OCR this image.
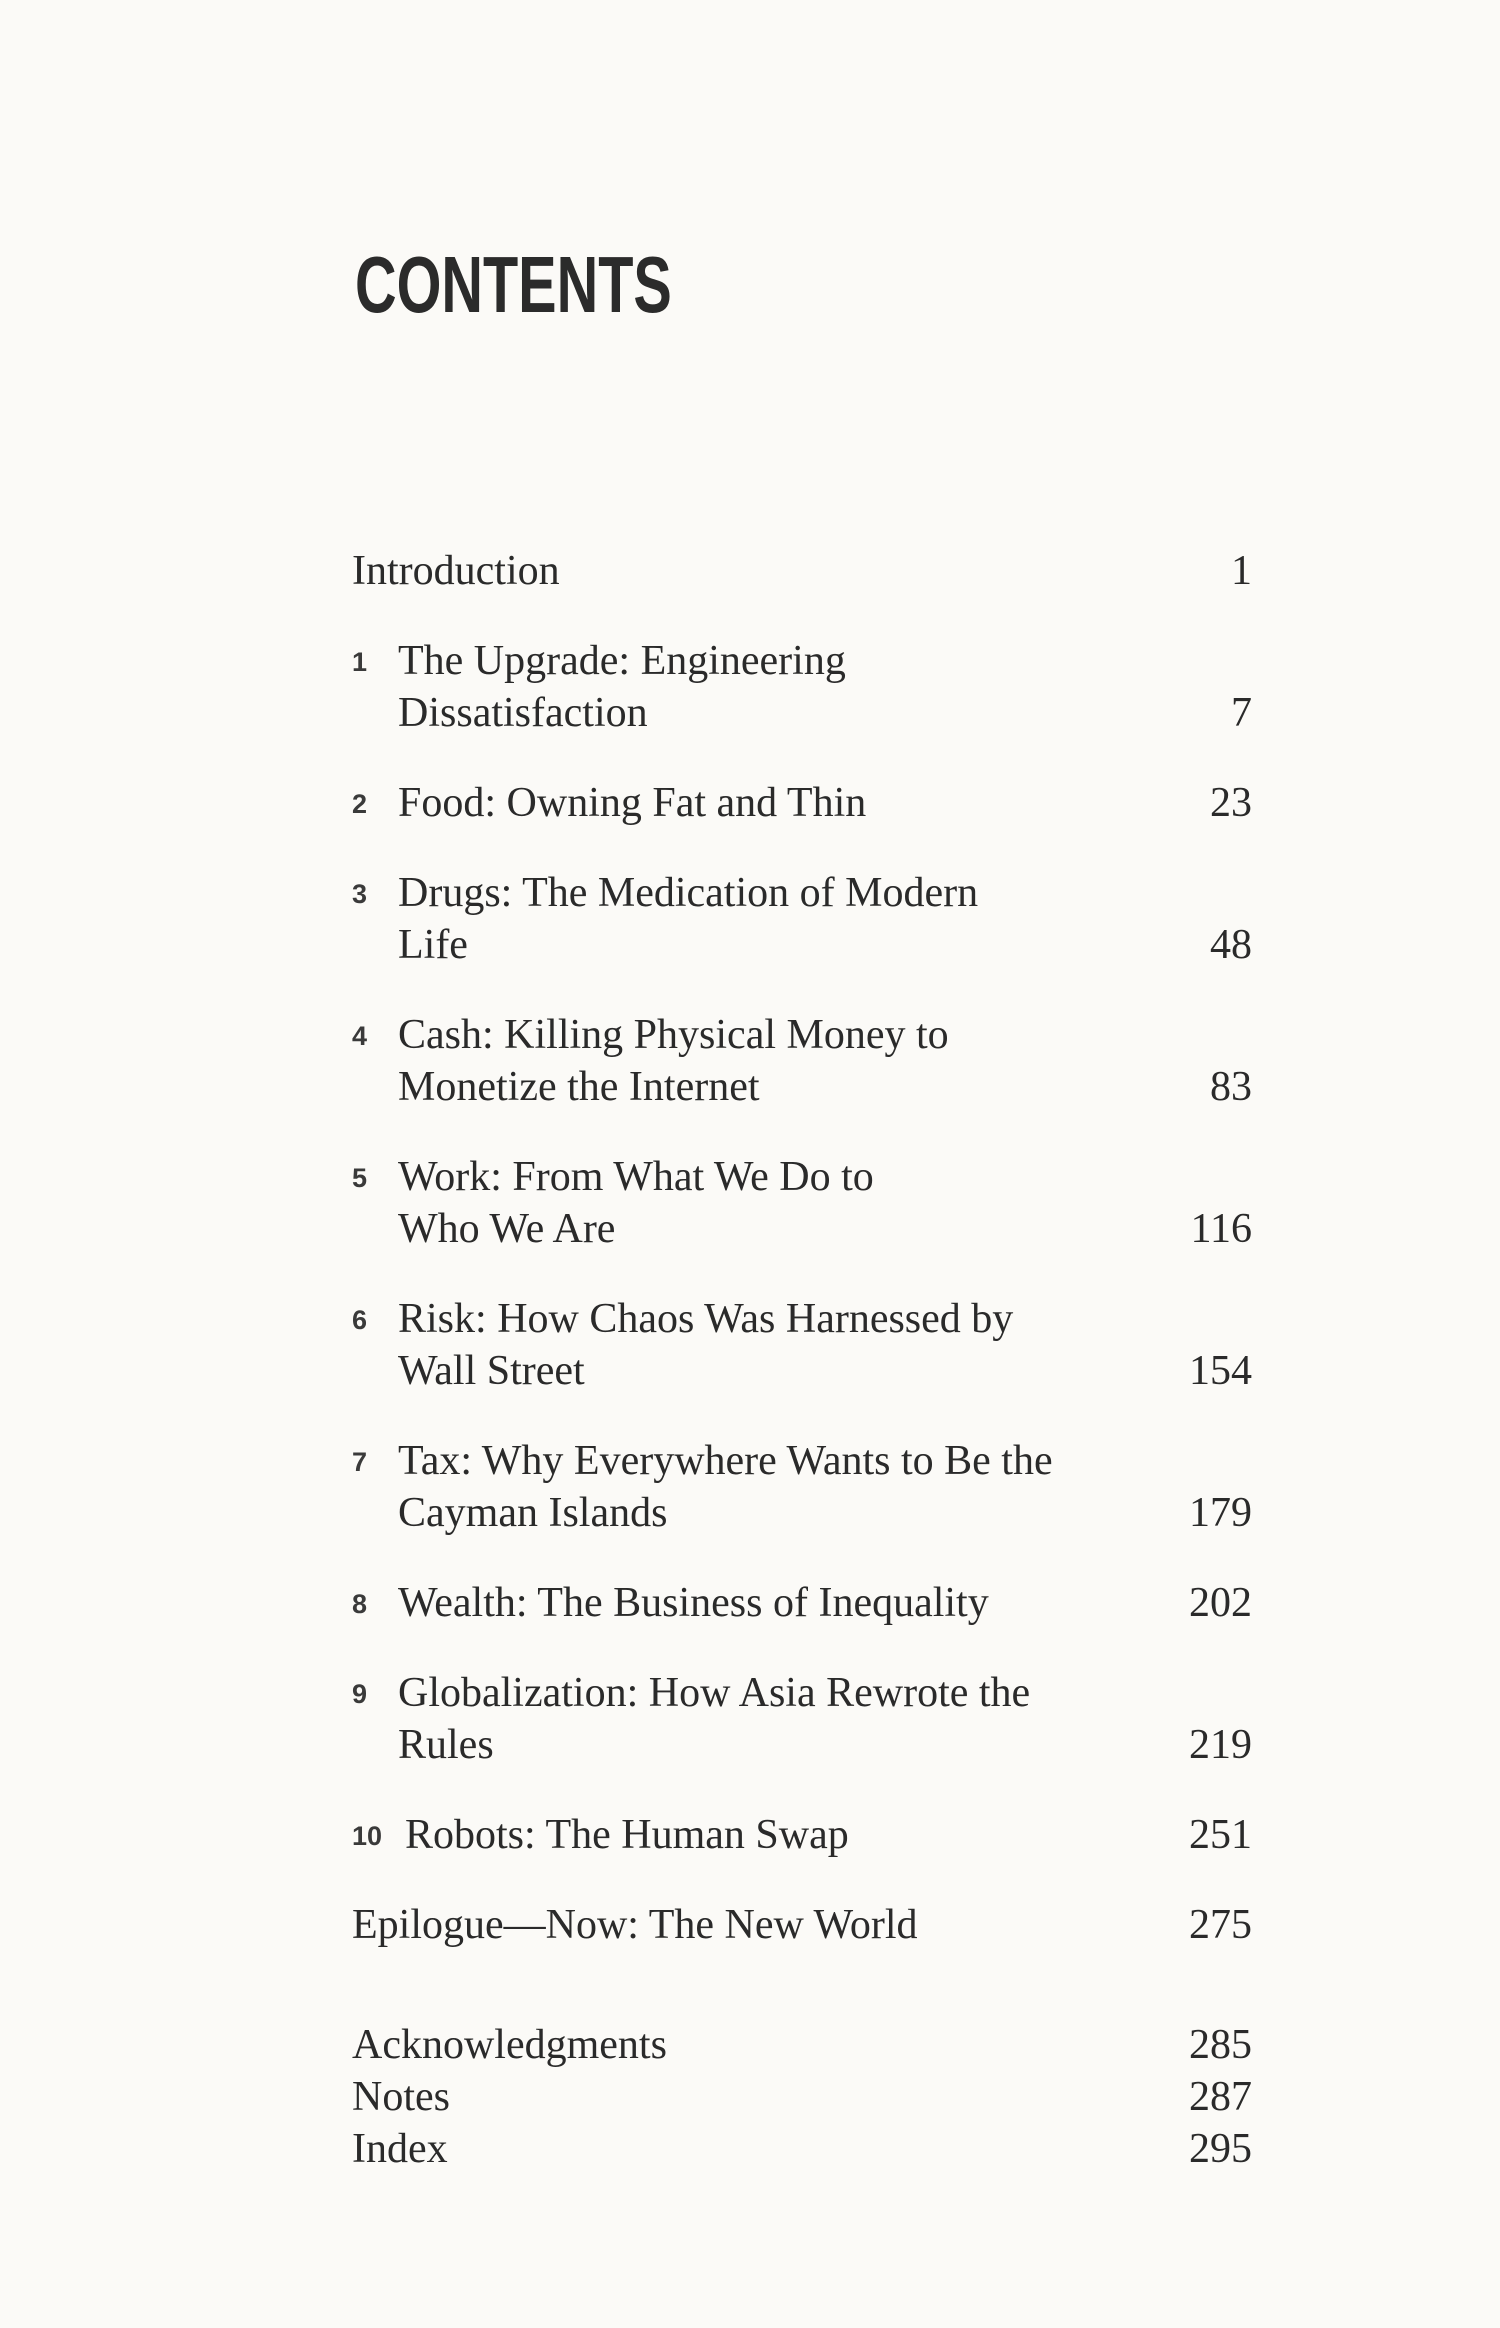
CONTENTS
Introduction	1
1 The Upgrade: Engineering Dissatisfaction	7
2 Food: Owning Fat and Thin	23
3 Drugs: The Medication of Modern Life	48
4 Cash: Killing Physical Money to Monetize the Internet	83
5 Work: From What We Do to Who We Are	116
6 Risk: How Chaos Was Harnessed by Wall Street	154
7 Tax: Why Everywhere Wants to Be the Cayman Islands	179
8 Wealth: The Business of Inequality	202
9 Globalization: How Asia Rewrote the Rules	219
10 Robots: The Human Swap	251
Epilogue—Now: The New World	275
Acknowledgments	285
Notes	287
Index	295
